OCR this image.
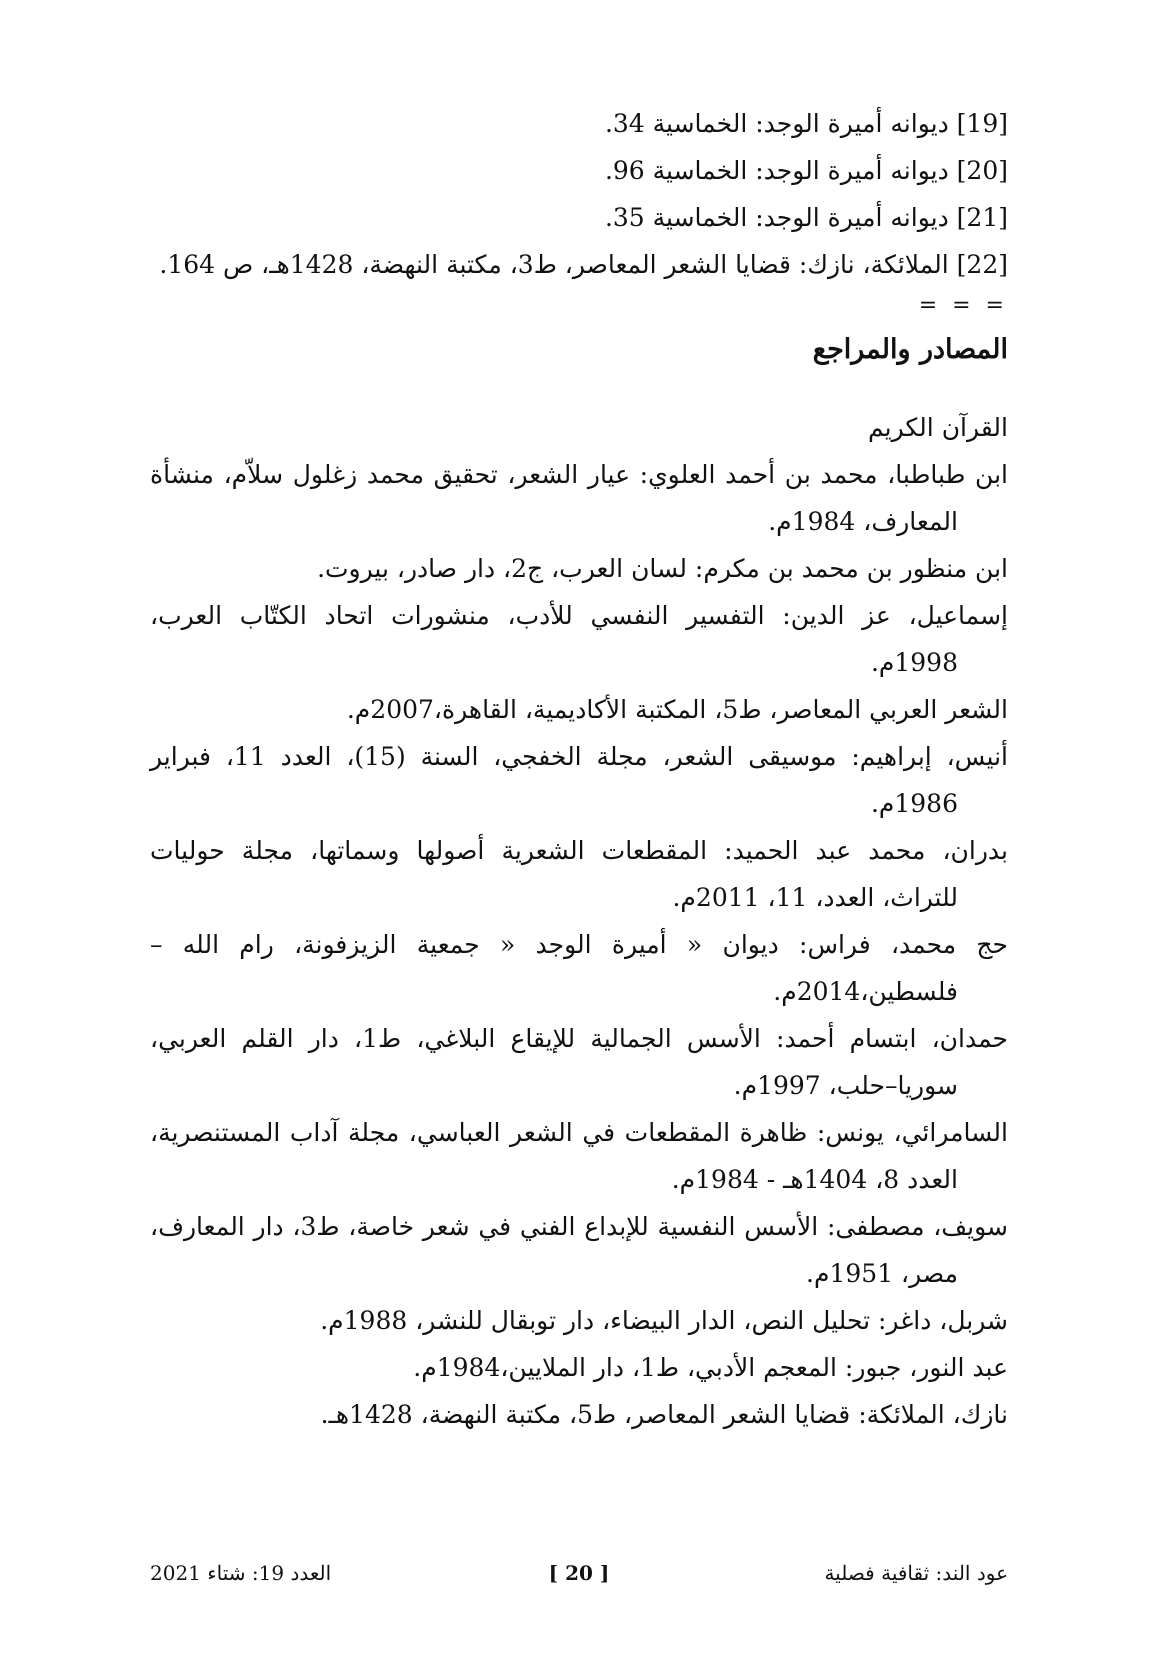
[19] ديوانه أميرة الوجد: الخماسية 34.
[20] ديوانه أميرة الوجد: الخماسية 96.
[21] ديوانه أميرة الوجد: الخماسية 35.
[22] الملائكة، نازك: قضايا الشعر المعاصر، ط3، مكتبة النهضة، 1428هـ، ص 164.
= = =
المصادر والمراجع
القرآن الكريم
ابن طباطبا، محمد بن أحمد العلوي: عيار الشعر، تحقيق محمد زغلول سلاّم، منشأة المعارف، 1984م.
ابن منظور بن محمد بن مكرم: لسان العرب، ج2، دار صادر، بيروت.
إسماعيل، عز الدين: التفسير النفسي للأدب، منشورات اتحاد الكتّاب العرب، 1998م.
الشعر العربي المعاصر، ط5، المكتبة الأكاديمية، القاهرة،2007م.
أنيس، إبراهيم: موسيقى الشعر، مجلة الخفجي، السنة (15)، العدد 11، فبراير 1986م.
بدران، محمد عبد الحميد: المقطعات الشعرية أصولها وسماتها، مجلة حوليات للتراث، العدد، 11، 2011م.
حج محمد، فراس: ديوان « أميرة الوجد « جمعية الزيزفونة، رام الله – فلسطين،2014م.
حمدان، ابتسام أحمد: الأسس الجمالية للإيقاع البلاغي، ط1، دار القلم العربي، سوريا–حلب، 1997م.
السامرائي، يونس: ظاهرة المقطعات في الشعر العباسي، مجلة آداب المستنصرية، العدد 8، 1404هـ - 1984م.
سويف، مصطفى: الأسس النفسية للإبداع الفني في شعر خاصة، ط3، دار المعارف، مصر، 1951م.
شربل، داغر: تحليل النص، الدار البيضاء، دار توبقال للنشر، 1988م.
عبد النور، جبور: المعجم الأدبي، ط1، دار الملايين،1984م.
نازك، الملائكة: قضايا الشعر المعاصر، ط5، مكتبة النهضة، 1428هـ.
عود الند: ثقافية فصلية
[ 20 ]
العدد 19: شتاء 2021
